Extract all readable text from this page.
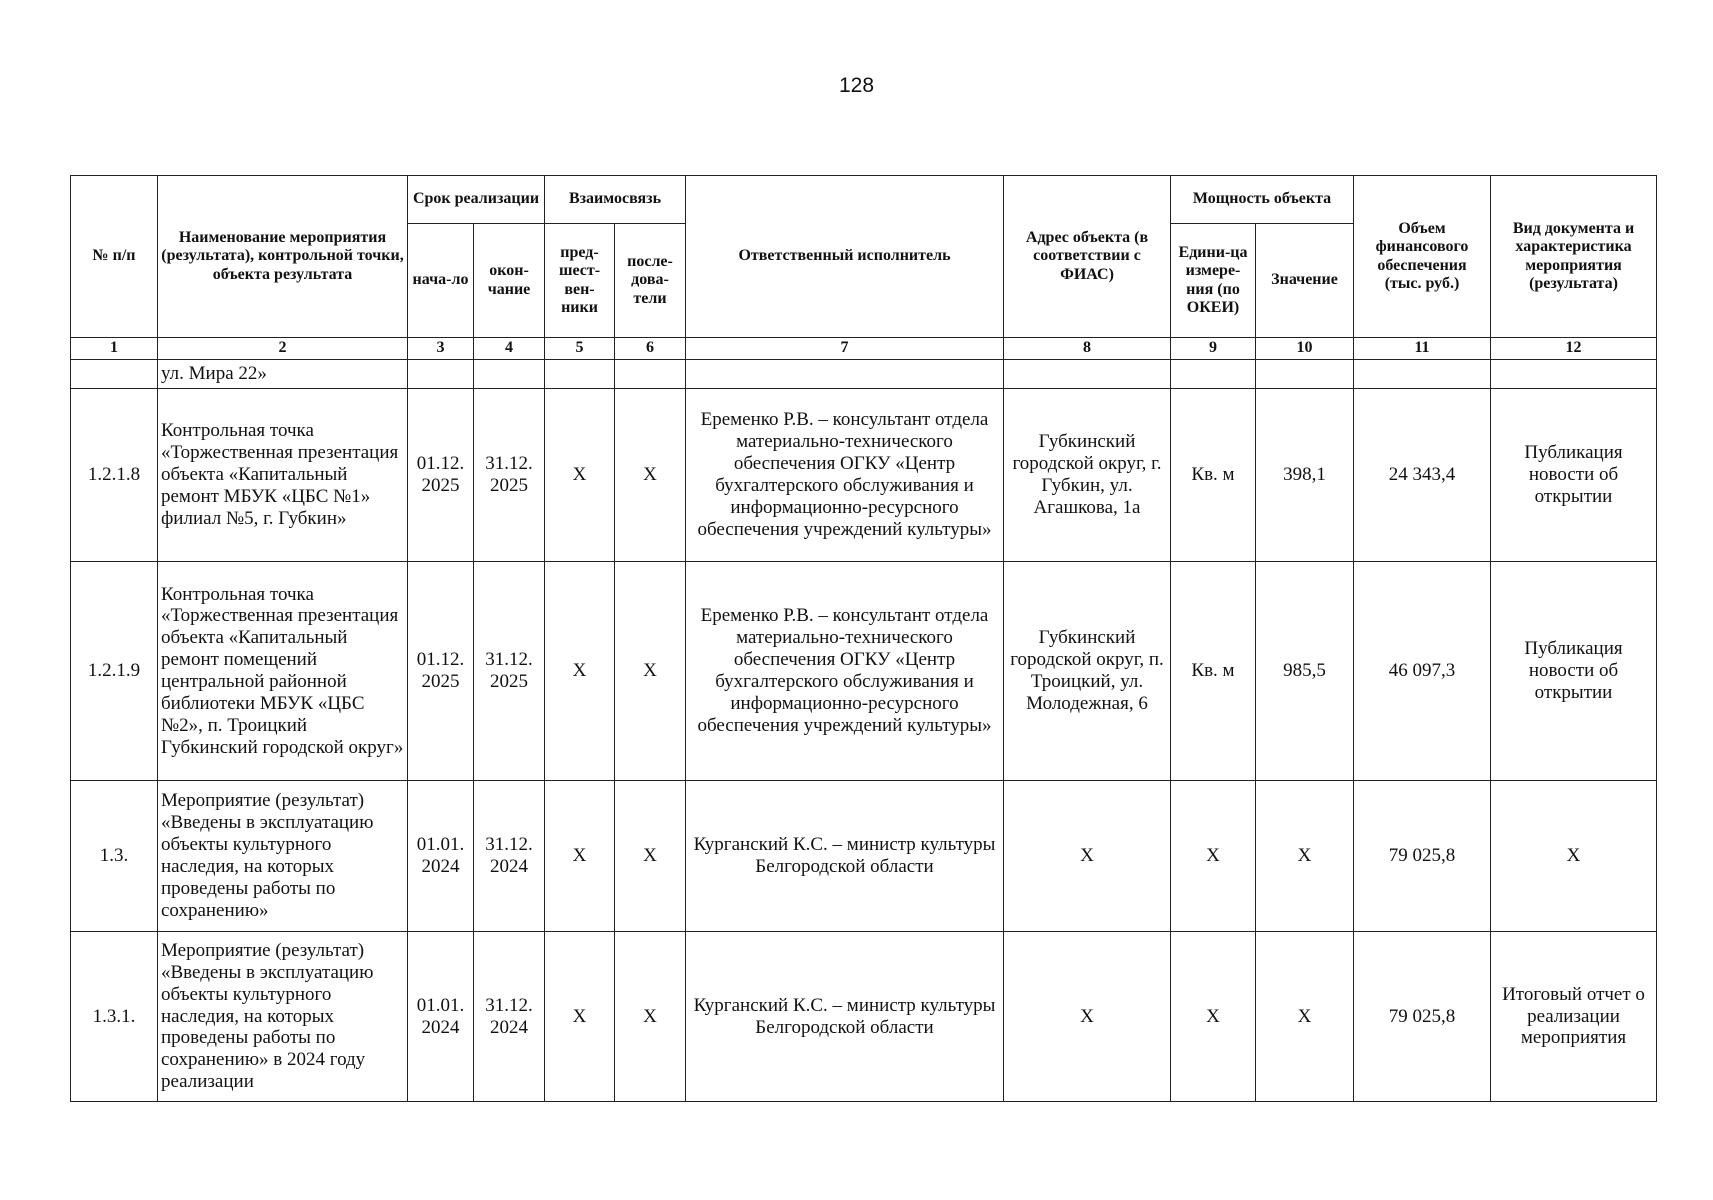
128
№ п/п	Наименование мероприятия (результата), контрольной точки, объекта результата	Срок реализации		Взаимосвязь		Ответственный исполнитель	Адрес объекта (в соответствии с ФИАС)	Мощность объекта		Объем финансового обеспечения (тыс. руб.)	Вид документа и характеристика мероприятия (результата)
		нача-ло	окон-чание	пред-шест-вен-ники	после-дова-тели			Едини-ца измере-ния (по ОКЕИ)	Значение		
1	2	3	4	5	6	7	8	9	10	11	12
	ул. Мира 22»										
1.2.1.8	Контрольная точка «Торжественная презентация объекта «Капитальный ремонт МБУК «ЦБС №1» филиал №5, г. Губкин»	01.12. 2025	31.12. 2025	X	X	Еременко Р.В. – консультант отдела материально-технического обеспечения ОГКУ «Центр бухгалтерского обслуживания и информационно-ресурсного обеспечения учреждений культуры»	Губкинский городской округ, г. Губкин, ул. Агашкова, 1а	Кв. м	398,1	24 343,4	Публикация новости об открытии
1.2.1.9	Контрольная точка «Торжественная презентация объекта «Капитальный ремонт помещений центральной районной библиотеки МБУК «ЦБС №2», п. Троицкий Губкинский городской округ»	01.12. 2025	31.12. 2025	X	X	Еременко Р.В. – консультант отдела материально-технического обеспечения ОГКУ «Центр бухгалтерского обслуживания и информационно-ресурсного обеспечения учреждений культуры»	Губкинский городской округ, п. Троицкий, ул. Молодежная, 6	Кв. м	985,5	46 097,3	Публикация новости об открытии
1.3.	Мероприятие (результат) «Введены в эксплуатацию объекты культурного наследия, на которых проведены работы по сохранению»	01.01. 2024	31.12. 2024	X	X	Курганский К.С. – министр культуры Белгородской области	X	X	X	79 025,8	X
1.3.1.	Мероприятие (результат) «Введены в эксплуатацию объекты культурного наследия, на которых проведены работы по сохранению» в 2024 году реализации	01.01. 2024	31.12. 2024	X	X	Курганский К.С. – министр культуры Белгородской области	X	X	X	79 025,8	Итоговый отчет о реализации мероприятия
